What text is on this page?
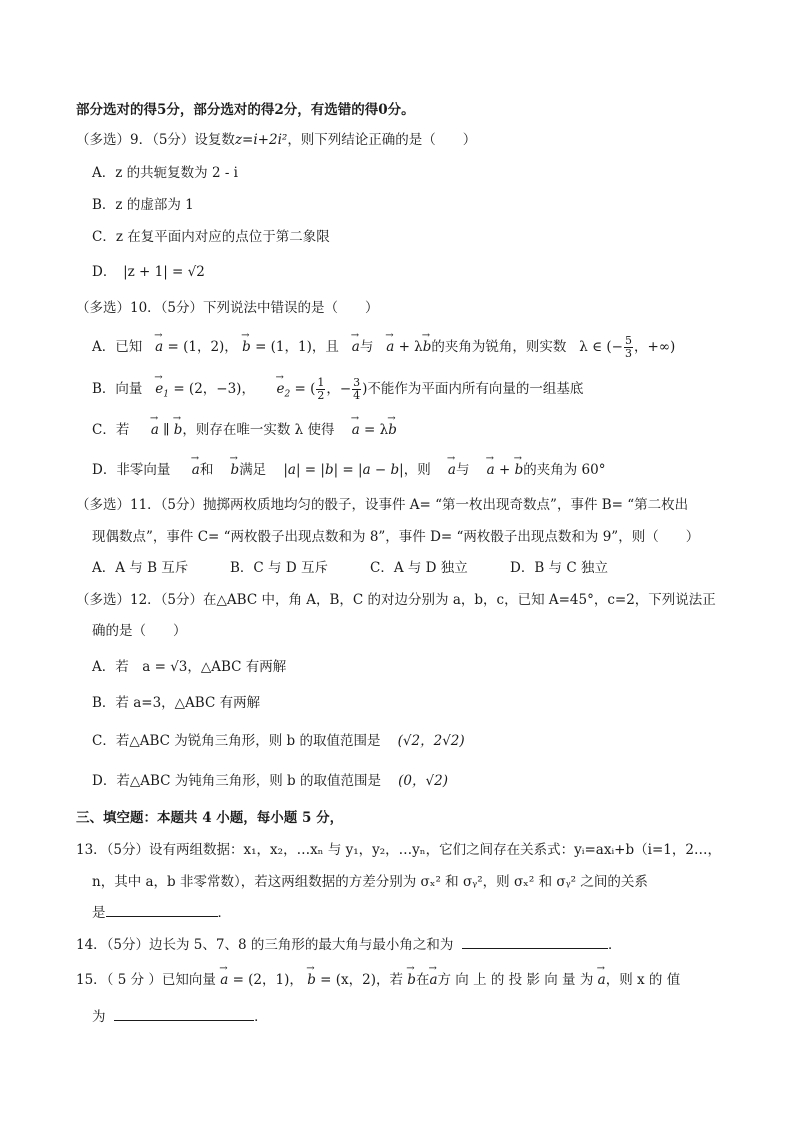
部分选对的得5分，部分选对的得2分，有选错的得0分。
（多选）9．（5分）设复数z=i+2i²，则下列结论正确的是（　　）
A．z 的共轭复数为 2 - i
B．z 的虚部为 1
C．z 在复平面内对应的点位于第二象限
D．　|z + 1| = √2
（多选）10．（5分）下列说法中错误的是（　　）
A．已知 → a = (1，2)， → b = (1，1)，且 → a与 → a + λ→ b的夹角为锐角，则实数 λ ∈ (− $\frac{5}{3}$ ，+∞)
B．向量 → $e_1 = (2$，−3)， → $e_2$ = ( $\frac{1}{2}$ ，− $\frac{3}{4}$ )不能作为平面内所有向量的一组基底
C．若 → a ∥ → b，则存在唯一实数 λ 使得 → a = λ→ b
D．非零向量 → a和 → b满足 |a| = |b| = |a − b|，则 → a与 → a + → b的夹角为 60°
（多选）11．（5分）抛掷两枚质地均匀的骰子，设事件 A= “第一枚出现奇数点”，事件 B= “第二枚出
现偶数点”，事件 C= “两枚骰子出现点数和为 8”，事件 D= “两枚骰子出现点数和为 9”，则（　　）
A．A 与 B 互斥	B．C 与 D 互斥	C．A 与 D 独立	D．B 与 C 独立
（多选）12．（5分）在△ABC 中，角 A，B，C 的对边分别为 a，b，c，已知 A=45°，c=2，下列说法正
确的是（　　）
A．若　a = √3，△ABC 有两解
B．若 a=3，△ABC 有两解
C．若△ABC 为锐角三角形，则 b 的取值范围是 (√2，2√2)
D．若△ABC 为钝角三角形，则 b 的取值范围是 (0，√2)
三、填空题：本题共 4 小题，每小题 5 分，
13．（5分）设有两组数据：x₁，x₂，…xₙ 与 y₁，y₂，…yₙ，它们之间存在关系式：yᵢ=axᵢ+b（i=1，2…，
n，其中 a，b 非零常数），若这两组数据的方差分别为 σₓ² 和 σᵧ²，则 σₓ² 和 σᵧ² 之间的关系
是	．
14．（5分）边长为 5、7、8 的三角形的最大角与最小角之和为	．
15．（ 5 分 ）已知向量 → a = (2，1)， → b = (x，2)，若 → b在→ a方 向 上 的 投 影 向 量 为 → a，则 x 的 值
为	．
